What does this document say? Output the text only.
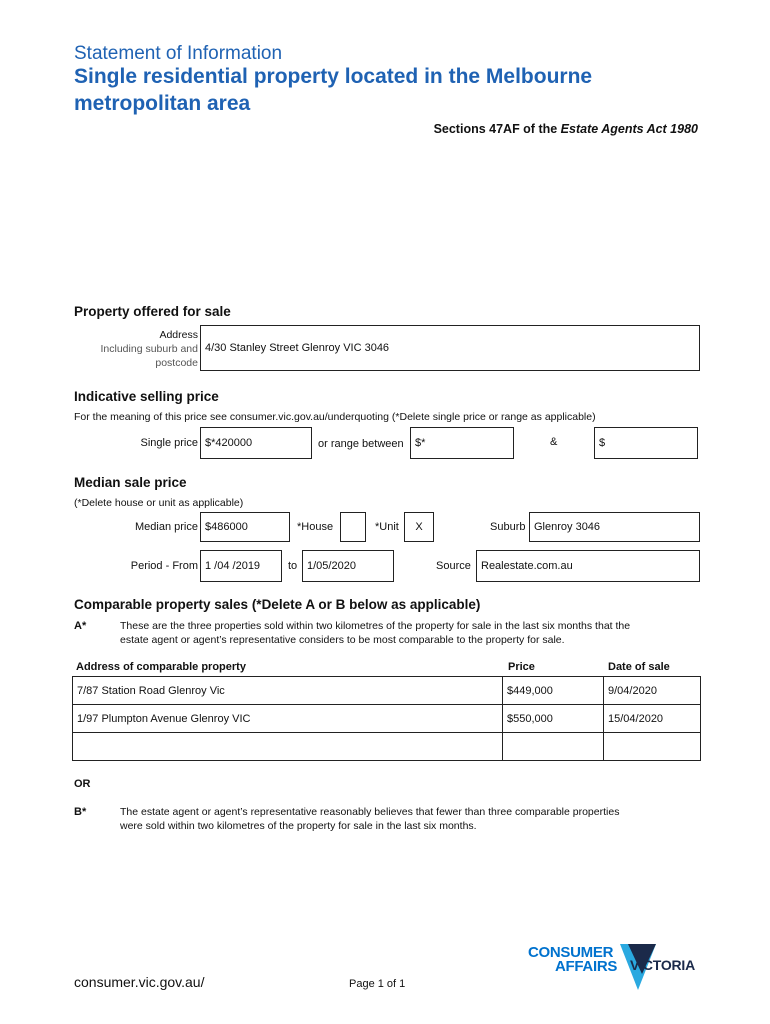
Statement of Information
Single residential property located in the Melbourne
metropolitan area
Sections 47AF of the Estate Agents Act 1980
Property offered for sale
Address
Including suburb and
postcode
4/30 Stanley Street Glenroy VIC 3046
Indicative selling price
For the meaning of this price see consumer.vic.gov.au/underquoting (*Delete single price or range as applicable)
Single price $*420000	or range between	$*	&	$
Median sale price
(*Delete house or unit as applicable)
Median price $486000	*House	*Unit	X	Suburb Glenroy 3046
Period - From 1 /04 /2019	to 1/05/2020	Source Realestate.com.au
Comparable property sales (*Delete A or B below as applicable)
A*	These are the three properties sold within two kilometres of the property for sale in the last six months that the
estate agent or agent’s representative considers to be most comparable to the property for sale.
Address of comparable property	Price	Date of sale
7/87 Station Road Glenroy Vic	$449,000	9/04/2020
1/97 Plumpton Avenue Glenroy VIC	$550,000	15/04/2020

OR
B*	The estate agent or agent’s representative reasonably believes that fewer than three comparable properties
were sold within two kilometres of the property for sale in the last six months.
consumer.vic.gov.au/	Page 1 of 1
CONSUMER
AFFAIRS VICTORIA
